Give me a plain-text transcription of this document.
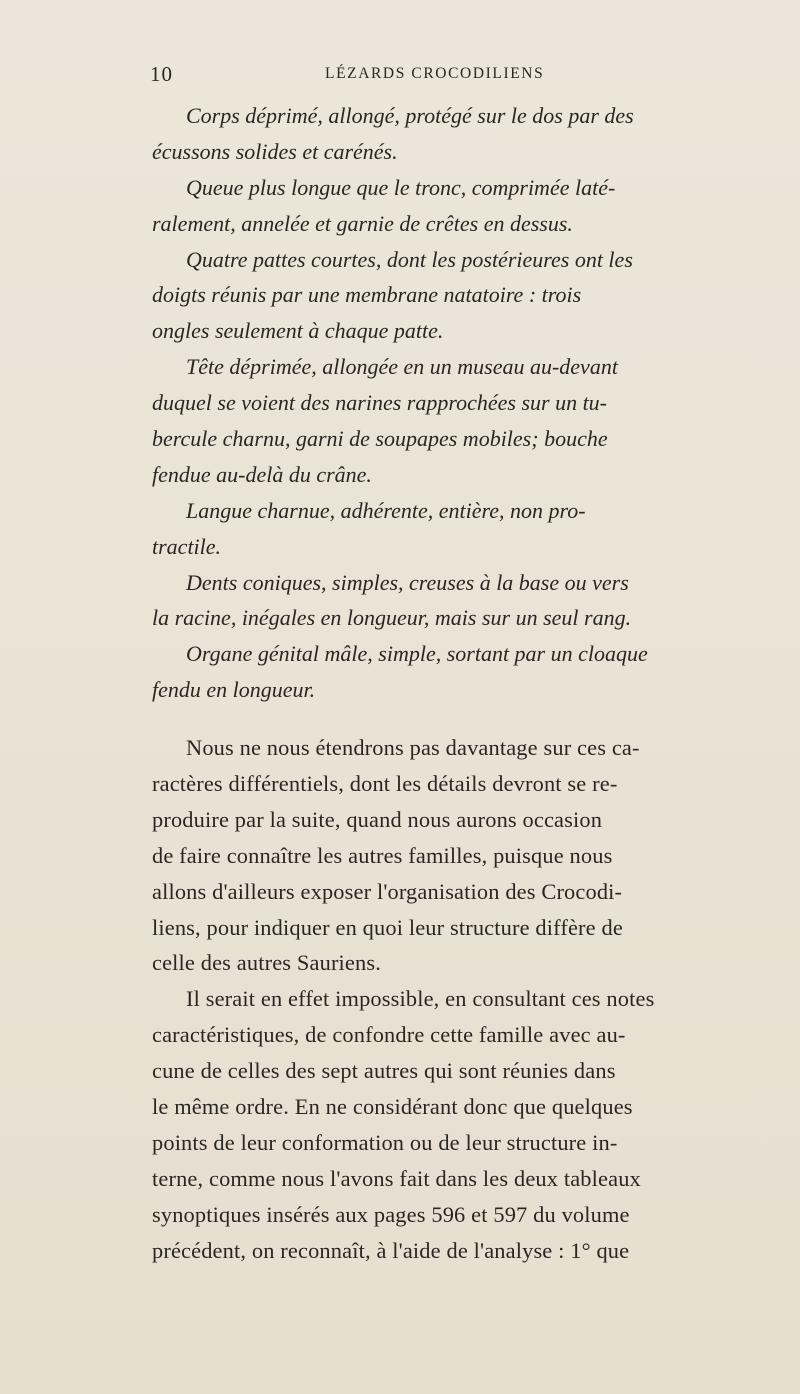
10	LÉZARDS CROCODILIENS
Corps déprimé, allongé, protégé sur le dos par des
écussons solides et carénés.
Queue plus longue que le tronc, comprimée laté-
ralement, annelée et garnie de crêtes en dessus.
Quatre pattes courtes, dont les postérieures ont les
doigts réunis par une membrane natatoire : trois
ongles seulement à chaque patte.
Tête déprimée, allongée en un museau au-devant
duquel se voient des narines rapprochées sur un tu-
bercule charnu, garni de soupapes mobiles; bouche
fendue au-delà du crâne.
Langue charnue, adhérente, entière, non pro-
tractile.
Dents coniques, simples, creuses à la base ou vers
la racine, inégales en longueur, mais sur un seul rang.
Organe génital mâle, simple, sortant par un cloaque
fendu en longueur.
Nous ne nous étendrons pas davantage sur ces ca-
ractères différentiels, dont les détails devront se re-
produire par la suite, quand nous aurons occasion
de faire connaître les autres familles, puisque nous
allons d'ailleurs exposer l'organisation des Crocodi-
liens, pour indiquer en quoi leur structure diffère de
celle des autres Sauriens.
Il serait en effet impossible, en consultant ces notes
caractéristiques, de confondre cette famille avec au-
cune de celles des sept autres qui sont réunies dans
le même ordre. En ne considérant donc que quelques
points de leur conformation ou de leur structure in-
terne, comme nous l'avons fait dans les deux tableaux
synoptiques insérés aux pages 596 et 597 du volume
précédent, on reconnaît, à l'aide de l'analyse : 1° que
